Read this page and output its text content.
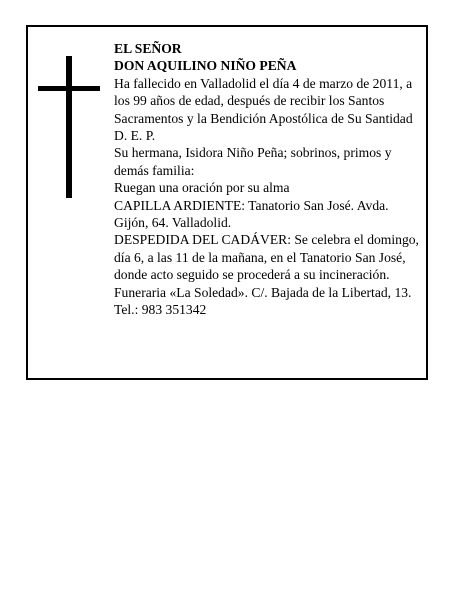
EL SEÑOR

DON AQUILINO NIÑO PEÑA

Ha fallecido en Valladolid el día 4 de marzo de 2011, a los 99 años de edad, después de recibir los Santos Sacramentos y la Bendición Apostólica de Su Santidad D. E. P.

Su hermana, Isidora Niño Peña; sobrinos, primos y demás familia:

Ruegan una oración por su alma

CAPILLA ARDIENTE: Tanatorio San José. Avda. Gijón, 64. Valladolid.

DESPEDIDA DEL CADÁVER: Se celebra el domingo, día 6, a las 11 de la mañana, en el Tanatorio San José, donde acto seguido se procederá a su incineración.

Funeraria «La Soledad». C/. Bajada de la Libertad, 13. Tel.: 983 351342
